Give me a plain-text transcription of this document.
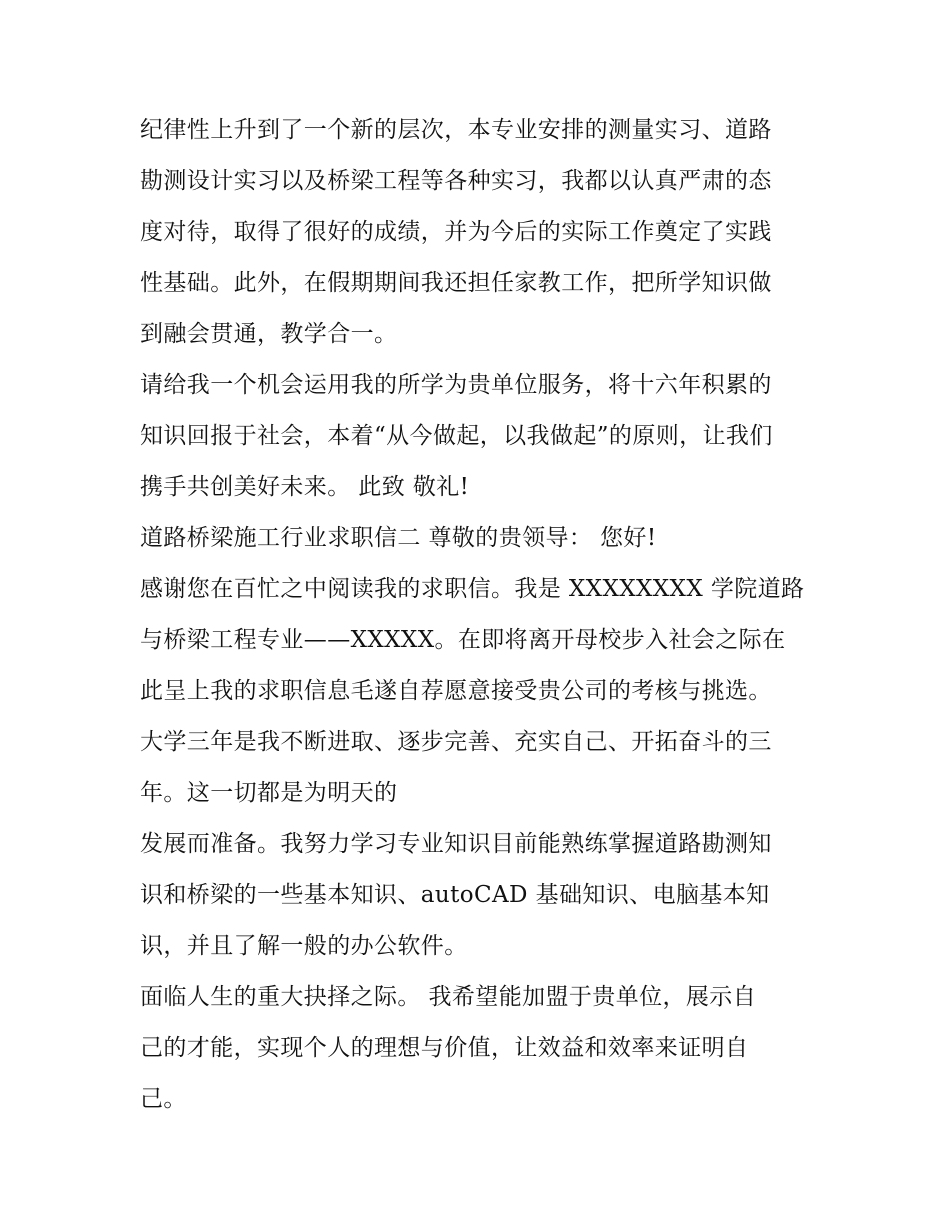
纪律性上升到了一个新的层次，本专业安排的测量实习、道路
勘测设计实习以及桥梁工程等各种实习，我都以认真严肃的态
度对待，取得了很好的成绩，并为今后的实际工作奠定了实践
性基础。此外，在假期期间我还担任家教工作，把所学知识做
到融会贯通，教学合一。
请给我一个机会运用我的所学为贵单位服务，将十六年积累的
知识回报于社会，本着“从今做起，以我做起”的原则，让我们
携手共创美好未来。 此致 敬礼!
道路桥梁施工行业求职信二 尊敬的贵领导： 您好!
感谢您在百忙之中阅读我的求职信。我是 XXXXXXXX 学院道路
与桥梁工程专业——XXXXX。在即将离开母校步入社会之际在
此呈上我的求职信息毛遂自荐愿意接受贵公司的考核与挑选。
大学三年是我不断进取、逐步完善、充实自己、开拓奋斗的三
年。这一切都是为明天的
发展而准备。我努力学习专业知识目前能熟练掌握道路勘测知
识和桥梁的一些基本知识、autoCAD 基础知识、电脑基本知
识，并且了解一般的办公软件。
面临人生的重大抉择之际。 我希望能加盟于贵单位，展示自
己的才能，实现个人的理想与价值，让效益和效率来证明自
己。
